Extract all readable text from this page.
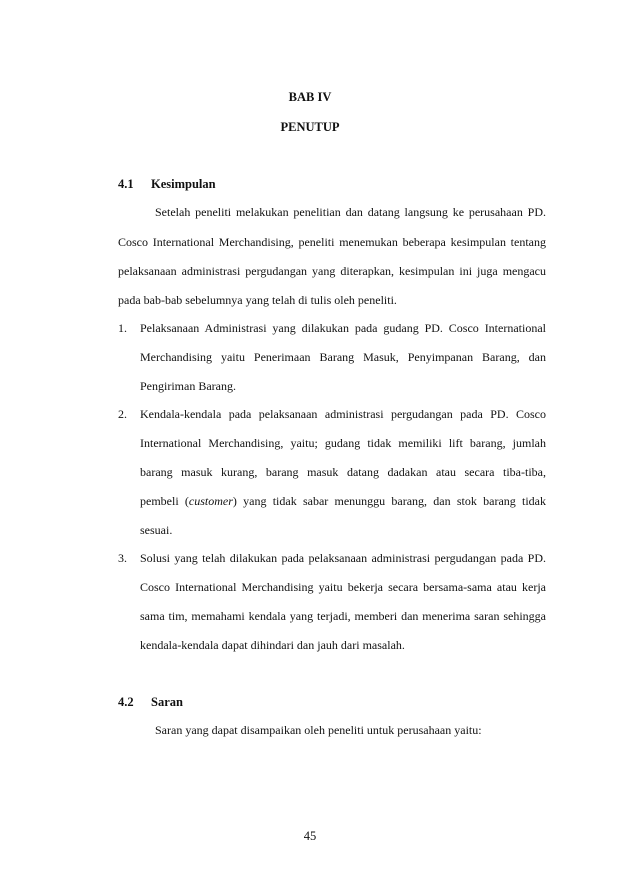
BAB IV
PENUTUP
4.1 Kesimpulan
Setelah peneliti melakukan penelitian dan datang langsung ke perusahaan PD.
Cosco International Merchandising, peneliti menemukan beberapa kesimpulan tentang
pelaksanaan administrasi pergudangan yang diterapkan, kesimpulan ini juga mengacu
pada bab-bab sebelumnya yang telah di tulis oleh peneliti.
1. Pelaksanaan Administrasi yang dilakukan pada gudang PD. Cosco International
Merchandising yaitu Penerimaan Barang Masuk, Penyimpanan Barang, dan
Pengiriman Barang.
2. Kendala-kendala pada pelaksanaan administrasi pergudangan pada PD. Cosco
International Merchandising, yaitu; gudang tidak memiliki lift barang, jumlah
barang masuk kurang, barang masuk datang dadakan atau secara tiba-tiba,
pembeli (customer) yang tidak sabar menunggu barang, dan stok barang tidak
sesuai.
3. Solusi yang telah dilakukan pada pelaksanaan administrasi pergudangan pada PD.
Cosco International Merchandising yaitu bekerja secara bersama-sama atau kerja
sama tim, memahami kendala yang terjadi, memberi dan menerima saran sehingga
kendala-kendala dapat dihindari dan jauh dari masalah.
4.2 Saran
Saran yang dapat disampaikan oleh peneliti untuk perusahaan yaitu:
45
